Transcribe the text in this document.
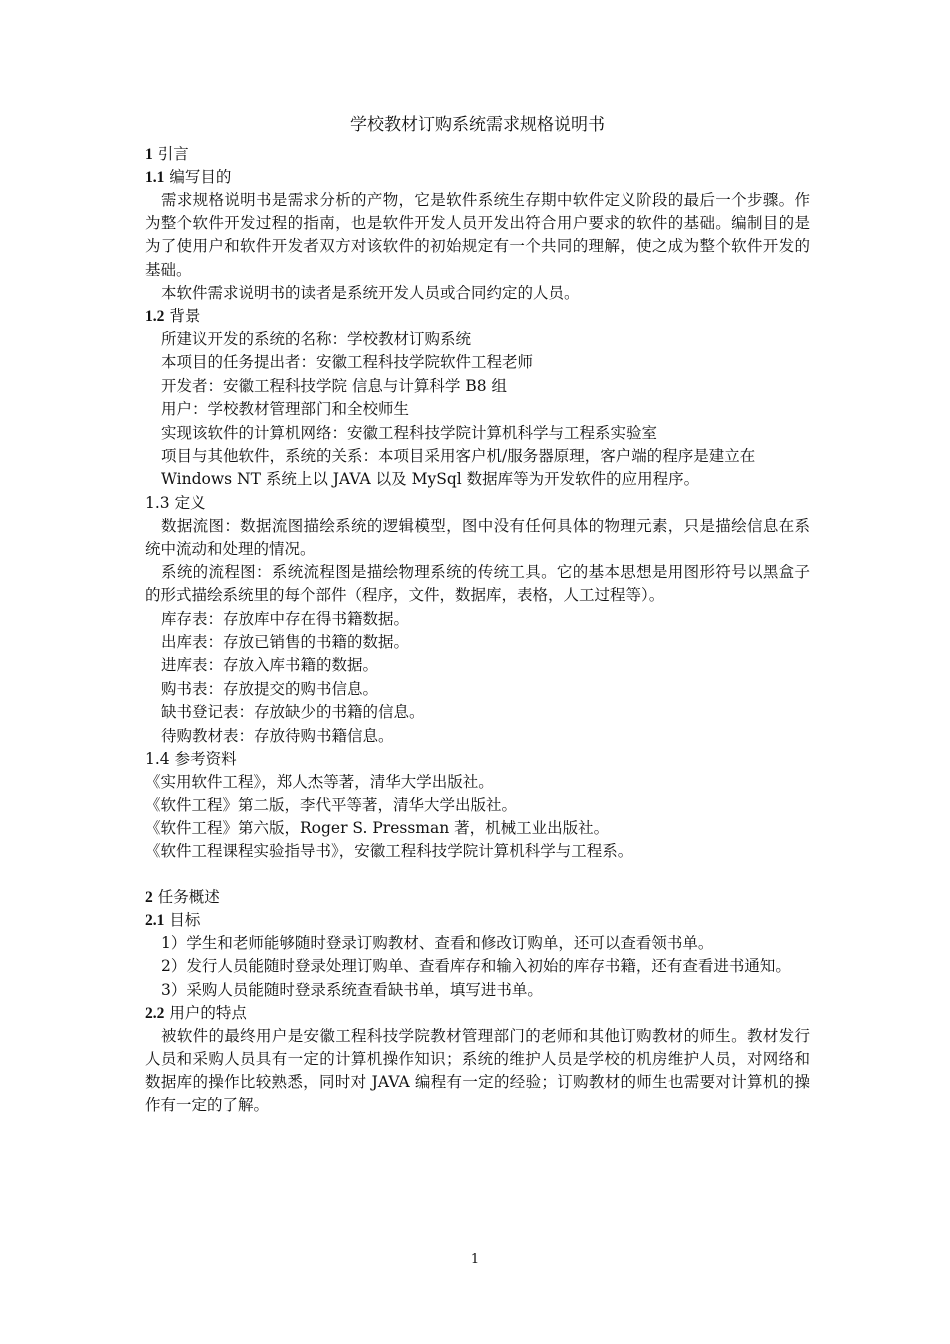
学校教材订购系统需求规格说明书
1 引言
1.1 编写目的

需求规格说明书是需求分析的产物，它是软件系统生存期中软件定义阶段的最后一个步骤。作为整个软件开发过程的指南，也是软件开发人员开发出符合用户要求的软件的基础。编制目的是为了使用户和软件开发者双方对该软件的初始规定有一个共同的理解，使之成为整个软件开发的基础。

本软件需求说明书的读者是系统开发人员或合同约定的人员。

1.2 背景

所建议开发的系统的名称：学校教材订购系统

本项目的任务提出者：安徽工程科技学院软件工程老师

开发者：安徽工程科技学院 信息与计算科学 B8 组

用户：学校教材管理部门和全校师生

实现该软件的计算机网络：安徽工程科技学院计算机科学与工程系实验室

项目与其他软件，系统的关系：本项目采用客户机/服务器原理，客户端的程序是建立在

Windows NT 系统上以 JAVA 以及 MySql 数据库等为开发软件的应用程序。

1.3 定义

数据流图：数据流图描绘系统的逻辑模型，图中没有任何具体的物理元素，只是描绘信息在系统中流动和处理的情况。

系统的流程图：系统流程图是描绘物理系统的传统工具。它的基本思想是用图形符号以黑盒子的形式描绘系统里的每个部件（程序，文件，数据库，表格，人工过程等）。

库存表：存放库中存在得书籍数据。

出库表：存放已销售的书籍的数据。

进库表：存放入库书籍的数据。

购书表：存放提交的购书信息。

缺书登记表：存放缺少的书籍的信息。

待购教材表：存放待购书籍信息。

1.4 参考资料

《实用软件工程》，郑人杰等著，清华大学出版社。

《软件工程》第二版，李代平等著，清华大学出版社。

《软件工程》第六版，Roger S. Pressman 著，机械工业出版社。

《软件工程课程实验指导书》，安徽工程科技学院计算机科学与工程系。

2 任务概述
2.1 目标

1）学生和老师能够随时登录订购教材、查看和修改订购单，还可以查看领书单。

2）发行人员能随时登录处理订购单、查看库存和输入初始的库存书籍，还有查看进书通知。

3）采购人员能随时登录系统查看缺书单，填写进书单。

2.2 用户的特点

被软件的最终用户是安徽工程科技学院教材管理部门的老师和其他订购教材的师生。教材发行人员和采购人员具有一定的计算机操作知识；系统的维护人员是学校的机房维护人员，对网络和数据库的操作比较熟悉，同时对 JAVA 编程有一定的经验；订购教材的师生也需要对计算机的操作有一定的了解。

1
